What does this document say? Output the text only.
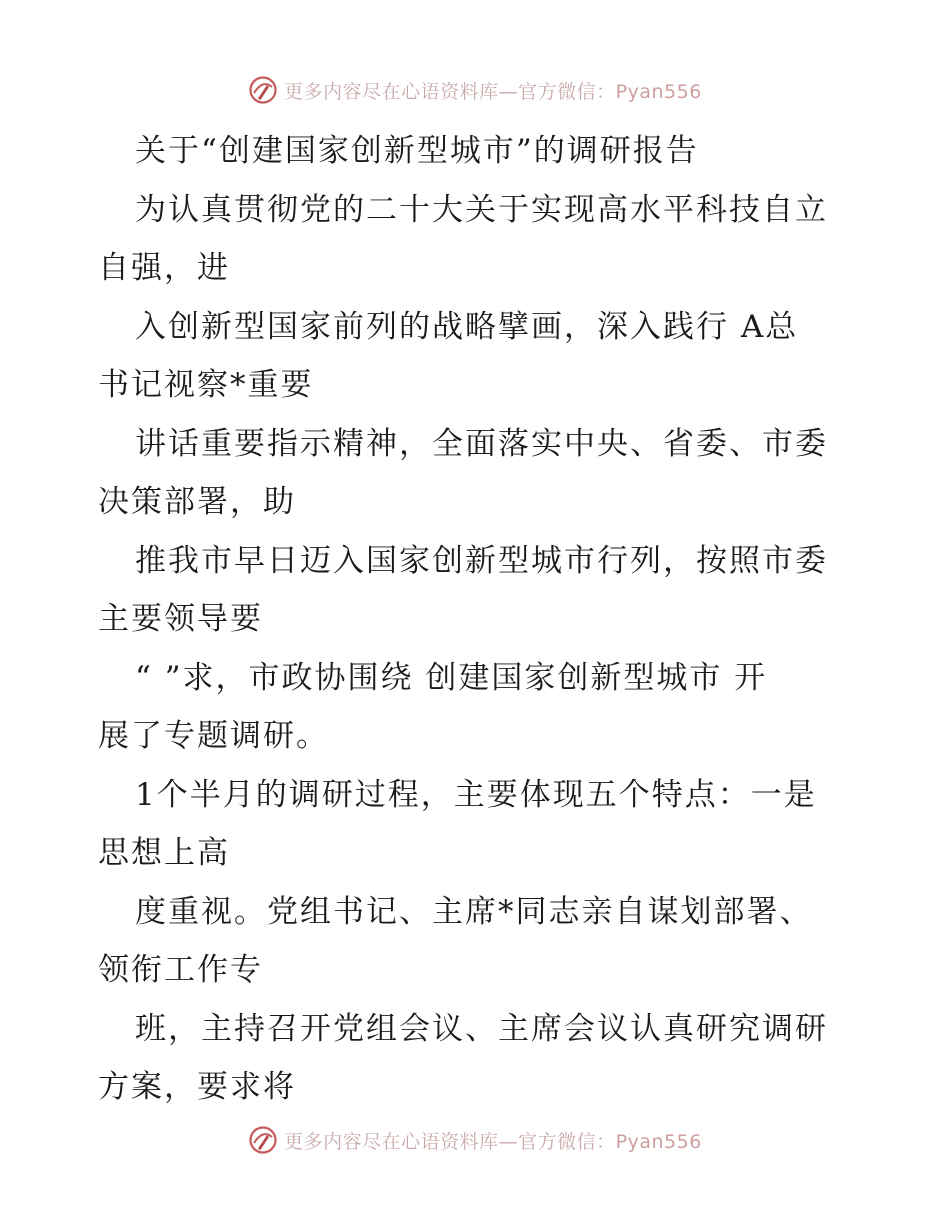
更多内容尽在心语资料库—官方微信：Pyan556
关于“创建国家创新型城市”的调研报告
为认真贯彻党的二十大关于实现高水平科技自立
自强，进
入创新型国家前列的战略擘画，深入践行 A总
书记视察*重要
讲话重要指示精神，全面落实中央、省委、市委
决策部署，助
推我市早日迈入国家创新型城市行列，按照市委
主要领导要
“ ”求，市政协围绕 创建国家创新型城市 开
展了专题调研。
1个半月的调研过程，主要体现五个特点：一是
思想上高
度重视。党组书记、主席*同志亲自谋划部署、
领衔工作专
班，主持召开党组会议、主席会议认真研究调研
方案，要求将
更多内容尽在心语资料库—官方微信：Pyan556
